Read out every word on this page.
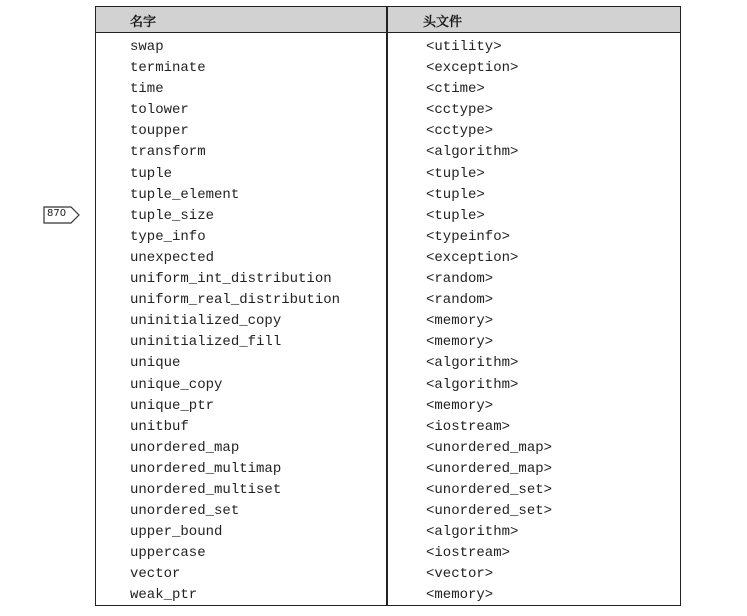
870
名字	头文件
swap	<utility>
terminate	<exception>
time	<ctime>
tolower	<cctype>
toupper	<cctype>
transform	<algorithm>
tuple	<tuple>
tuple_element	<tuple>
tuple_size	<tuple>
type_info	<typeinfo>
unexpected	<exception>
uniform_int_distribution	<random>
uniform_real_distribution	<random>
uninitialized_copy	<memory>
uninitialized_fill	<memory>
unique	<algorithm>
unique_copy	<algorithm>
unique_ptr	<memory>
unitbuf	<iostream>
unordered_map	<unordered_map>
unordered_multimap	<unordered_map>
unordered_multiset	<unordered_set>
unordered_set	<unordered_set>
upper_bound	<algorithm>
uppercase	<iostream>
vector	<vector>
weak_ptr	<memory>
